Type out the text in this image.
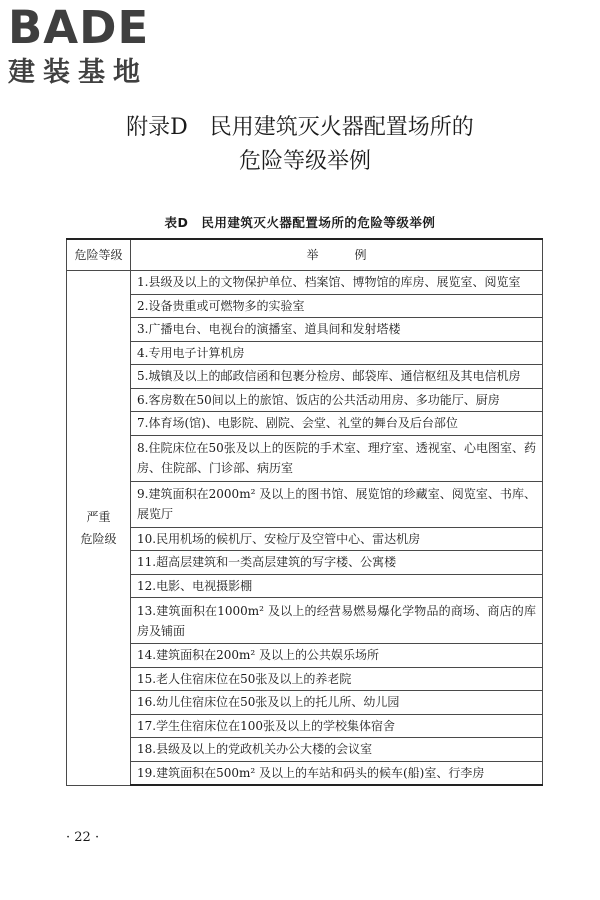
BADE
建装基地
附录D　民用建筑灭火器配置场所的
危险等级举例
表D　民用建筑灭火器配置场所的危险等级举例
危险等级	举例

严重
危险级	1.县级及以上的文物保护单位、档案馆、博物馆的库房、展览室、阅览室
	2.设备贵重或可燃物多的实验室
	3.广播电台、电视台的演播室、道具间和发射塔楼
	4.专用电子计算机房
	5.城镇及以上的邮政信函和包裹分检房、邮袋库、通信枢纽及其电信机房
	6.客房数在50间以上的旅馆、饭店的公共活动用房、多功能厅、厨房
	7.体育场(馆)、电影院、剧院、会堂、礼堂的舞台及后台部位
	8.住院床位在50张及以上的医院的手术室、理疗室、透视室、心电图室、药房、住院部、门诊部、病历室
	9.建筑面积在2000m² 及以上的图书馆、展览馆的珍藏室、阅览室、书库、展览厅
	10.民用机场的候机厅、安检厅及空管中心、雷达机房
	11.超高层建筑和一类高层建筑的写字楼、公寓楼
	12.电影、电视摄影棚
	13.建筑面积在1000m² 及以上的经营易燃易爆化学物品的商场、商店的库房及铺面
	14.建筑面积在200m² 及以上的公共娱乐场所
	15.老人住宿床位在50张及以上的养老院
	16.幼儿住宿床位在50张及以上的托儿所、幼儿园
	17.学生住宿床位在100张及以上的学校集体宿舍
	18.县级及以上的党政机关办公大楼的会议室
	19.建筑面积在500m² 及以上的车站和码头的候车(船)室、行李房
· 22 ·
